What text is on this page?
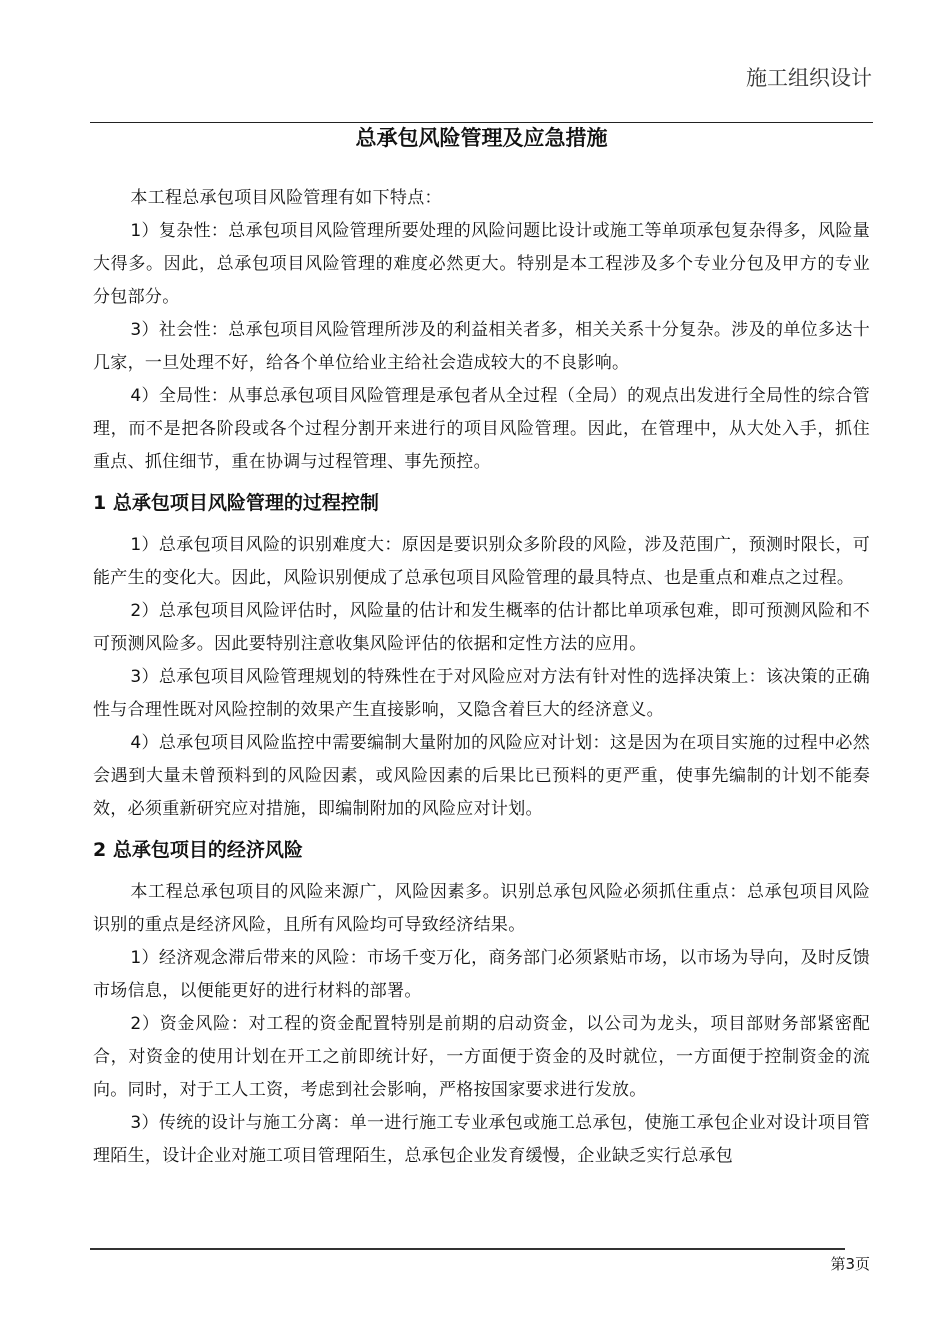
施工组织设计
总承包风险管理及应急措施

本工程总承包项目风险管理有如下特点：

1）复杂性：总承包项目风险管理所要处理的风险问题比设计或施工等单项承包复杂得多，风险量大得多。因此，总承包项目风险管理的难度必然更大。特别是本工程涉及多个专业分包及甲方的专业分包部分。

3）社会性：总承包项目风险管理所涉及的利益相关者多，相关关系十分复杂。涉及的单位多达十几家，一旦处理不好，给各个单位给业主给社会造成较大的不良影响。

4）全局性：从事总承包项目风险管理是承包者从全过程（全局）的观点出发进行全局性的综合管理，而不是把各阶段或各个过程分割开来进行的项目风险管理。因此，在管理中，从大处入手，抓住重点、抓住细节，重在协调与过程管理、事先预控。

1 总承包项目风险管理的过程控制

1）总承包项目风险的识别难度大：原因是要识别众多阶段的风险，涉及范围广，预测时限长，可能产生的变化大。因此，风险识别便成了总承包项目风险管理的最具特点、也是重点和难点之过程。

2）总承包项目风险评估时，风险量的估计和发生概率的估计都比单项承包难，即可预测风险和不可预测风险多。因此要特别注意收集风险评估的依据和定性方法的应用。

3）总承包项目风险管理规划的特殊性在于对风险应对方法有针对性的选择决策上：该决策的正确性与合理性既对风险控制的效果产生直接影响，又隐含着巨大的经济意义。

4）总承包项目风险监控中需要编制大量附加的风险应对计划：这是因为在项目实施的过程中必然会遇到大量未曾预料到的风险因素，或风险因素的后果比已预料的更严重，使事先编制的计划不能奏效，必须重新研究应对措施，即编制附加的风险应对计划。

2 总承包项目的经济风险

本工程总承包项目的风险来源广，风险因素多。识别总承包风险必须抓住重点：总承包项目风险识别的重点是经济风险，且所有风险均可导致经济结果。

1）经济观念滞后带来的风险：市场千变万化，商务部门必须紧贴市场，以市场为导向，及时反馈市场信息，以便能更好的进行材料的部署。

2）资金风险：对工程的资金配置特别是前期的启动资金，以公司为龙头，项目部财务部紧密配合，对资金的使用计划在开工之前即统计好，一方面便于资金的及时就位，一方面便于控制资金的流向。同时，对于工人工资，考虑到社会影响，严格按国家要求进行发放。

3）传统的设计与施工分离：单一进行施工专业承包或施工总承包，使施工承包企业对设计项目管理陌生，设计企业对施工项目管理陌生，总承包企业发育缓慢，企业缺乏实行总承包

第3页
